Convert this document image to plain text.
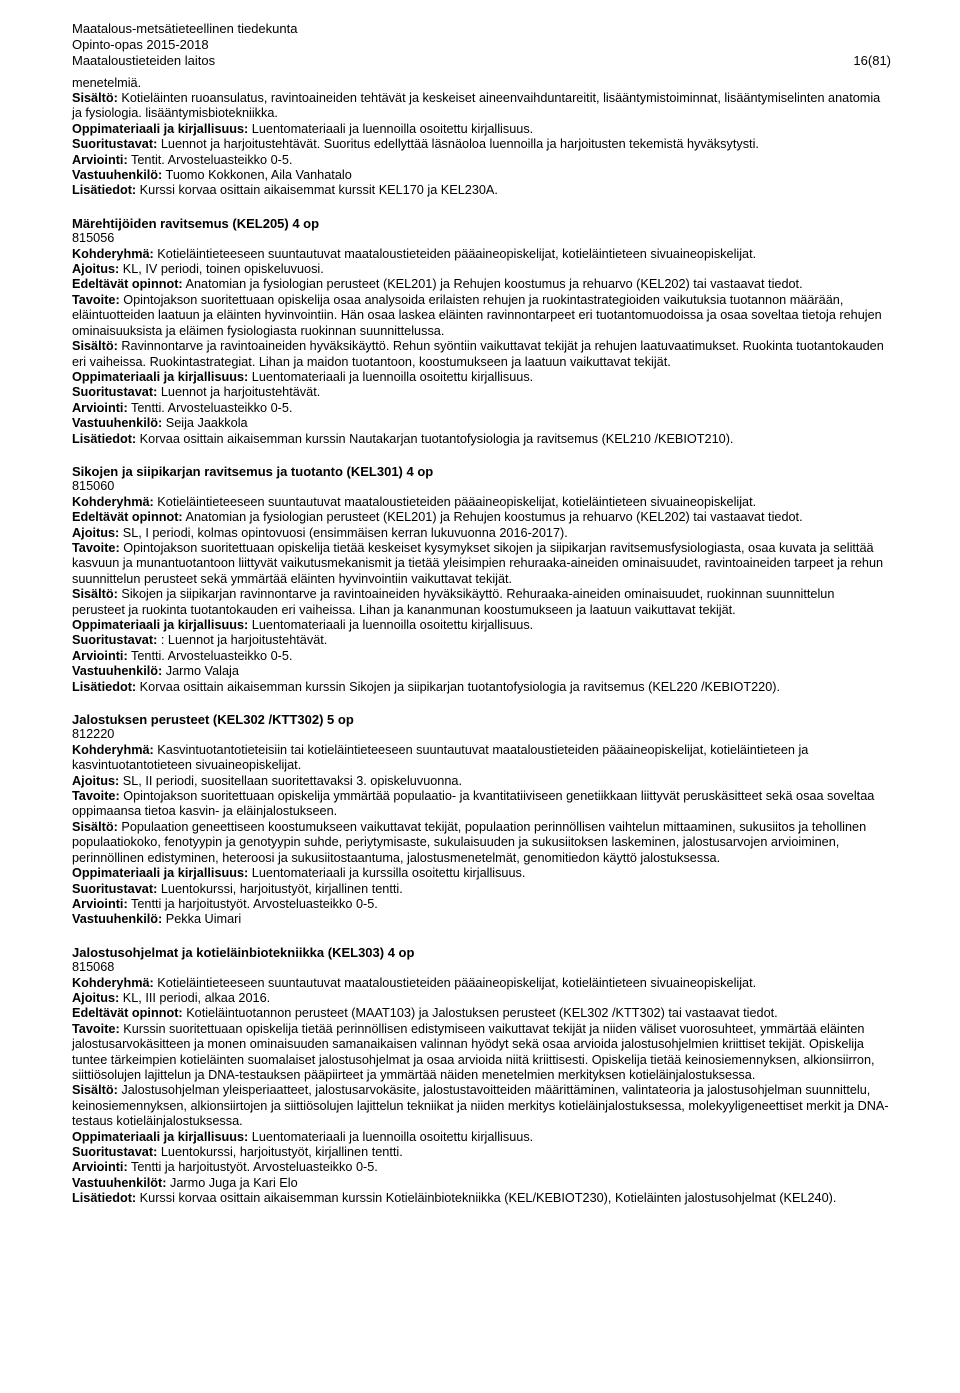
Maatalous-metsätieteellinen tiedekunta
Opinto-opas 2015-2018
Maataloustieteiden laitos	16(81)

menetelmiä.

Sisältö: Kotieläinten ruoansulatus, ravintoaineiden tehtävät ja keskeiset aineenvaihduntareitit, lisääntymistoiminnat, lisääntymiselinten anatomia ja fysiologia. lisääntymisbiotekniikka.

Oppimateriaali ja kirjallisuus: Luentomateriaali ja luennoilla osoitettu kirjallisuus.

Suoritustavat: Luennot ja harjoitustehtävät. Suoritus edellyttää läsnäoloa luennoilla ja harjoitusten tekemistä hyväksytysti.

Arviointi: Tentit. Arvosteluasteikko 0-5.

Vastuuhenkilö: Tuomo Kokkonen, Aila Vanhatalo

Lisätiedot: Kurssi korvaa osittain aikaisemmat kurssit KEL170 ja KEL230A.

Märehtijöiden ravitsemus (KEL205) 4 op

815056

Kohderyhmä: Kotieläintieteeseen suuntautuvat maataloustieteiden pääaineopiskelijat, kotieläintieteen sivuaineopiskelijat.

Ajoitus: KL, IV periodi, toinen opiskeluvuosi.

Edeltävät opinnot: Anatomian ja fysiologian perusteet (KEL201) ja Rehujen koostumus ja rehuarvo (KEL202) tai vastaavat tiedot.

Tavoite: Opintojakson suoritettuaan opiskelija osaa analysoida erilaisten rehujen ja ruokintastrategioiden vaikutuksia tuotannon määrään, eläintuotteiden laatuun ja eläinten hyvinvointiin. Hän osaa laskea eläinten ravinnontarpeet eri tuotantomuodoissa ja osaa soveltaa tietoja rehujen ominaisuuksista ja eläimen fysiologiasta ruokinnan suunnittelussa.

Sisältö: Ravinnontarve ja ravintoaineiden hyväksikäyttö. Rehun syöntiin vaikuttavat tekijät ja rehujen laatuvaatimukset. Ruokinta tuotantokauden eri vaiheissa. Ruokintastrategiat. Lihan ja maidon tuotantoon, koostumukseen ja laatuun vaikuttavat tekijät.

Oppimateriaali ja kirjallisuus: Luentomateriaali ja luennoilla osoitettu kirjallisuus.

Suoritustavat: Luennot ja harjoitustehtävät.

Arviointi: Tentti. Arvosteluasteikko 0-5.

Vastuuhenkilö: Seija Jaakkola

Lisätiedot: Korvaa osittain aikaisemman kurssin Nautakarjan tuotantofysiologia ja ravitsemus (KEL210 /KEBIOT210).

Sikojen ja siipikarjan ravitsemus ja tuotanto (KEL301) 4 op

815060

Kohderyhmä: Kotieläintieteeseen suuntautuvat maataloustieteiden pääaineopiskelijat, kotieläintieteen sivuaineopiskelijat.

Edeltävät opinnot: Anatomian ja fysiologian perusteet (KEL201) ja Rehujen koostumus ja rehuarvo (KEL202) tai vastaavat tiedot.

Ajoitus: SL, I periodi, kolmas opintovuosi (ensimmäisen kerran lukuvuonna 2016-2017).

Tavoite: Opintojakson suoritettuaan opiskelija tietää keskeiset kysymykset sikojen ja siipikarjan ravitsemusfysiologiasta, osaa kuvata ja selittää kasvuun ja munantuotantoon liittyvät vaikutusmekanismit ja tietää yleisimpien rehuraaka-aineiden ominaisuudet, ravintoaineiden tarpeet ja rehun suunnittelun perusteet sekä ymmärtää eläinten hyvinvointiin vaikuttavat tekijät.

Sisältö: Sikojen ja siipikarjan ravinnontarve ja ravintoaineiden hyväksikäyttö. Rehuraaka-aineiden ominaisuudet, ruokinnan suunnittelun perusteet ja ruokinta tuotantokauden eri vaiheissa. Lihan ja kananmunan koostumukseen ja laatuun vaikuttavat tekijät.

Oppimateriaali ja kirjallisuus: Luentomateriaali ja luennoilla osoitettu kirjallisuus.

Suoritustavat: : Luennot ja harjoitustehtävät.

Arviointi: Tentti. Arvosteluasteikko 0-5.

Vastuuhenkilö: Jarmo Valaja

Lisätiedot: Korvaa osittain aikaisemman kurssin Sikojen ja siipikarjan tuotantofysiologia ja ravitsemus (KEL220 /KEBIOT220).

Jalostuksen perusteet (KEL302 /KTT302) 5 op

812220

Kohderyhmä: Kasvintuotantotieteisiin tai kotieläintieteeseen suuntautuvat maataloustieteiden pääaineopiskelijat, kotieläintieteen ja kasvintuotantotieteen sivuaineopiskelijat.

Ajoitus: SL, II periodi, suositellaan suoritettavaksi 3. opiskeluvuonna.

Tavoite: Opintojakson suoritettuaan opiskelija ymmärtää populaatio- ja kvantitatiiviseen genetiikkaan liittyvät peruskäsitteet sekä osaa soveltaa oppimaansa tietoa kasvin- ja eläinjalostukseen.

Sisältö: Populaation geneettiseen koostumukseen vaikuttavat tekijät, populaation perinnöllisen vaihtelun mittaaminen, sukusiitos ja tehollinen populaatiokoko, fenotyypin ja genotyypin suhde, periytymisaste, sukulaisuuden ja sukusiitoksen laskeminen, jalostusarvojen arvioiminen, perinnöllinen edistyminen, heteroosi ja sukusiitostaantuma, jalostusmenetelmät, genomitiedon käyttö jalostuksessa.

Oppimateriaali ja kirjallisuus: Luentomateriaali ja kurssilla osoitettu kirjallisuus.

Suoritustavat: Luentokurssi, harjoitustyöt, kirjallinen tentti.

Arviointi: Tentti ja harjoitustyöt. Arvosteluasteikko 0-5.

Vastuuhenkilö: Pekka Uimari

Jalostusohjelmat ja kotieläinbiotekniikka (KEL303) 4 op

815068

Kohderyhmä: Kotieläintieteeseen suuntautuvat maataloustieteiden pääaineopiskelijat, kotieläintieteen sivuaineopiskelijat.

Ajoitus: KL, III periodi, alkaa 2016.

Edeltävät opinnot: Kotieläintuotannon perusteet (MAAT103) ja Jalostuksen perusteet (KEL302 /KTT302) tai vastaavat tiedot.

Tavoite: Kurssin suoritettuaan opiskelija tietää perinnöllisen edistymiseen vaikuttavat tekijät ja niiden väliset vuorosuhteet, ymmärtää eläinten jalostusarvokäsitteen ja monen ominaisuuden samanaikaisen valinnan hyödyt sekä osaa arvioida jalostusohjelmien kriittiset tekijät. Opiskelija tuntee tärkeimpien kotieläinten suomalaiset jalostusohjelmat ja osaa arvioida niitä kriittisesti. Opiskelija tietää keinosiemennyksen, alkionsiirron, siittiösolujen lajittelun ja DNA-testauksen pääpiirteet ja ymmärtää näiden menetelmien merkityksen kotieläinjalostuksessa.

Sisältö: Jalostusohjelman yleisperiaatteet, jalostusarvokäsite, jalostustavoitteiden määrittäminen, valintateoria ja jalostusohjelman suunnittelu, keinosiemennyksen, alkionsiirtojen ja siittiösolujen lajittelun tekniikat ja niiden merkitys kotieläinjalostuksessa, molekyyligeneettiset merkit ja DNA-testaus kotieläinjalostuksessa.

Oppimateriaali ja kirjallisuus: Luentomateriaali ja luennoilla osoitettu kirjallisuus.

Suoritustavat: Luentokurssi, harjoitustyöt, kirjallinen tentti.

Arviointi: Tentti ja harjoitustyöt. Arvosteluasteikko 0-5.

Vastuuhenkilöt: Jarmo Juga ja Kari Elo

Lisätiedot: Kurssi korvaa osittain aikaisemman kurssin Kotieläinbiotekniikka (KEL/KEBIOT230), Kotieläinten jalostusohjelmat (KEL240).
